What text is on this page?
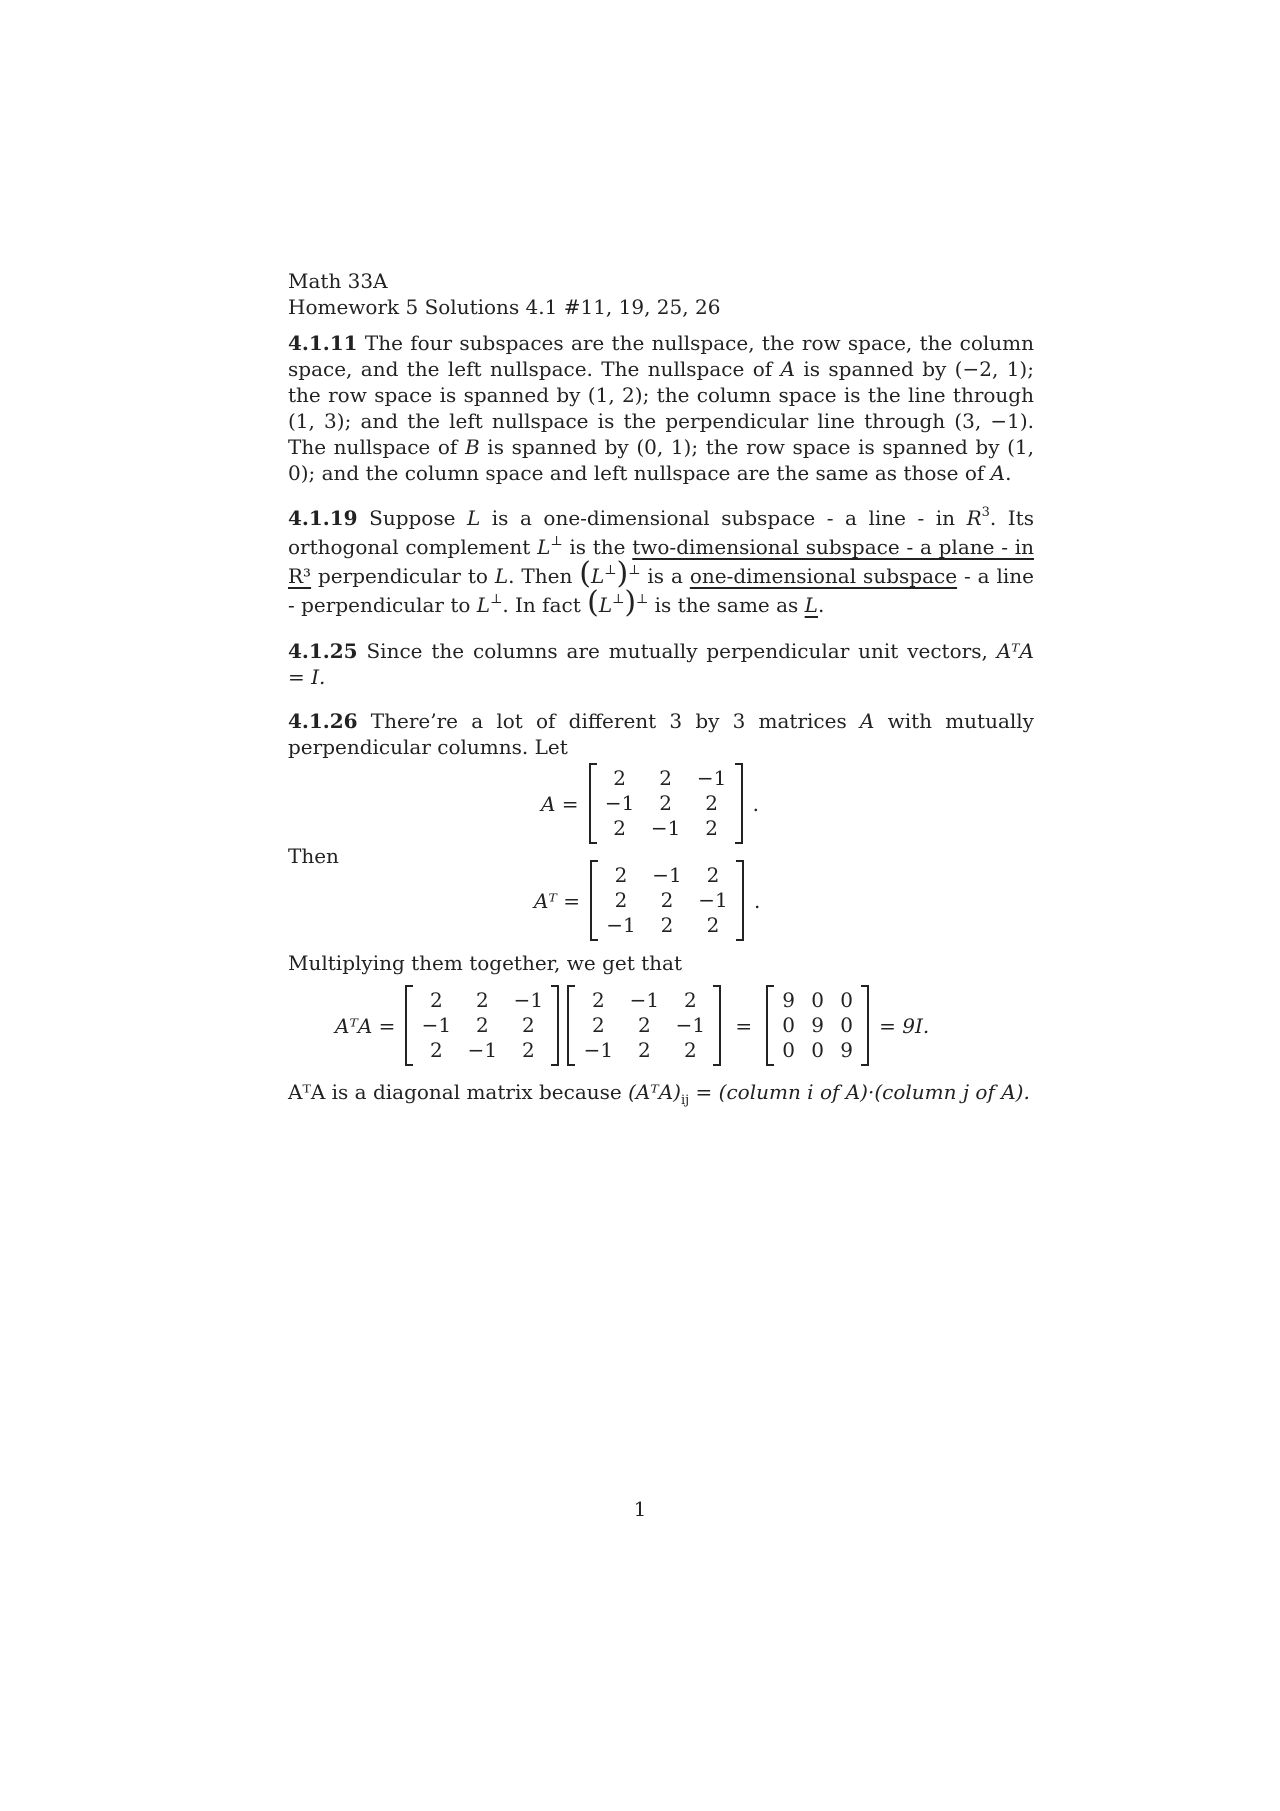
Math 33A
Homework 5 Solutions 4.1 #11, 19, 25, 26

4.1.11 The four subspaces are the nullspace, the row space, the column space, and the left nullspace. The nullspace of A is spanned by (−2, 1); the row space is spanned by (1, 2); the column space is the line through (1, 3); and the left nullspace is the perpendicular line through (3, −1). The nullspace of B is spanned by (0, 1); the row space is spanned by (1, 0); and the column space and left nullspace are the same as those of A.

4.1.19 Suppose L is a one-dimensional subspace - a line - in $R^3$. Its orthogonal complement L⊥ is the two-dimensional subspace - a plane - in R³ perpendicular to L. Then (L⊥)⊥ is a one-dimensional subspace - a line - perpendicular to L⊥. In fact (L⊥)⊥ is the same as L.

4.1.25 Since the columns are mutually perpendicular unit vectors, AᵀA = I.

4.1.26 There’re a lot of different 3 by 3 matrices A with mutually perpendicular columns. Let

A =
2	2	−1
−1	2	2
2	−1	2
.
Then
Aᵀ =
2	−1	2
2	2	−1
−1	2	2
.
Multiplying them together, we get that
AᵀA =
2	2	−1
−1	2	2
2	−1	2
2	−1	2
2	2	−1
−1	2	2
=
9 0 0
0 9 0
0 0 9
= 9I.
AᵀA is a diagonal matrix because $(AᵀA)_{ij}$ = (column i of A)·(column j of A).
1
